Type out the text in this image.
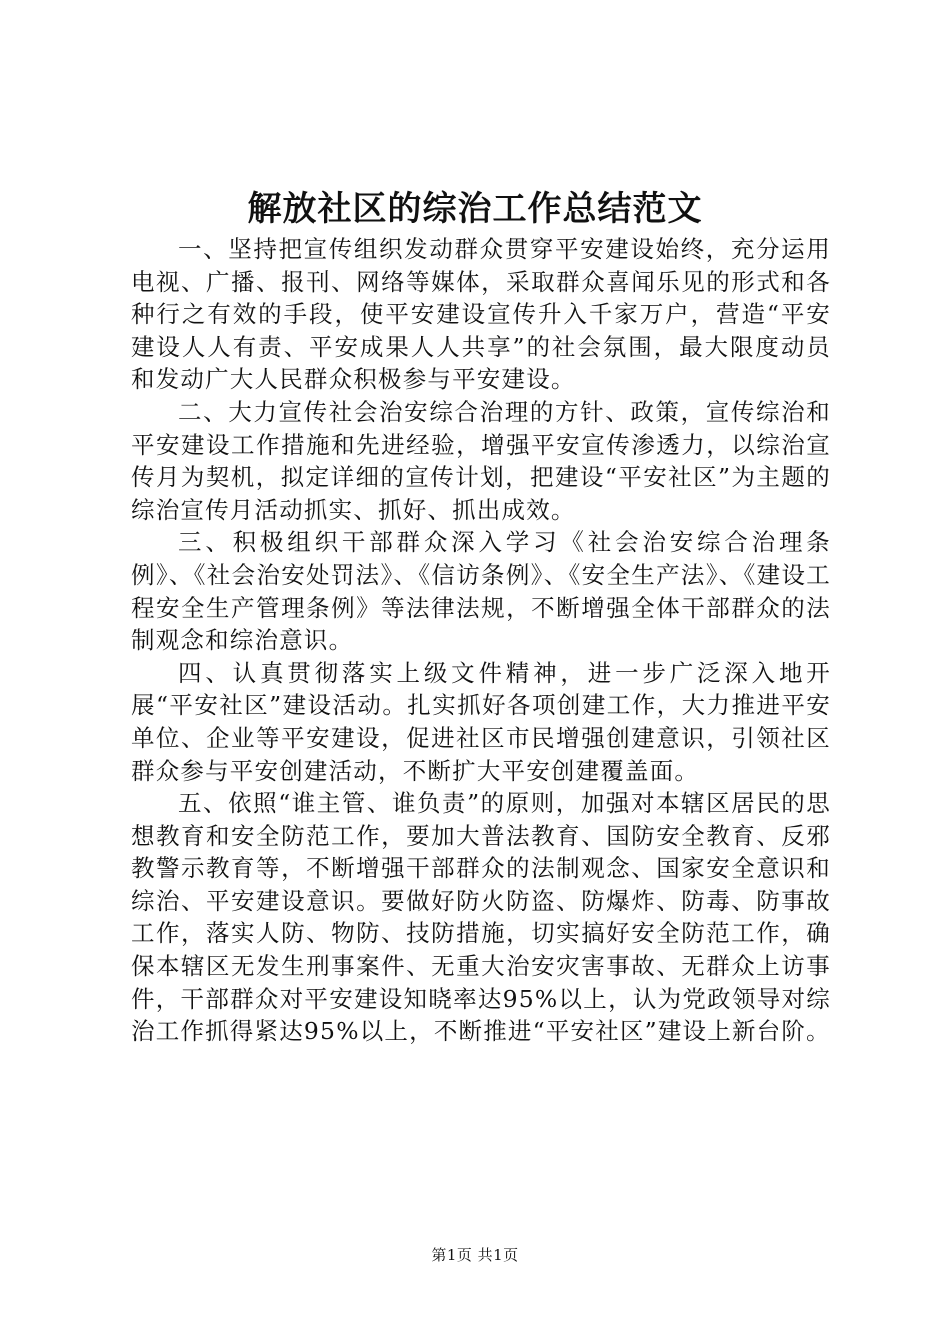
解放社区的综治工作总结范文

一、坚持把宣传组织发动群众贯穿平安建设始终，充分运用电视、广播、报刊、网络等媒体，采取群众喜闻乐见的形式和各种行之有效的手段，使平安建设宣传升入千家万户，营造“平安建设人人有责、平安成果人人共享”的社会氛围，最大限度动员和发动广大人民群众积极参与平安建设。

二、大力宣传社会治安综合治理的方针、政策，宣传综治和平安建设工作措施和先进经验，增强平安宣传渗透力，以综治宣传月为契机，拟定详细的宣传计划，把建设“平安社区”为主题的综治宣传月活动抓实、抓好、抓出成效。

三、积极组织干部群众深入学习《社会治安综合治理条例》、《社会治安处罚法》、《信访条例》、《安全生产法》、《建设工程安全生产管理条例》等法律法规，不断增强全体干部群众的法制观念和综治意识。

四、认真贯彻落实上级文件精神，进一步广泛深入地开展“平安社区”建设活动。扎实抓好各项创建工作，大力推进平安单位、企业等平安建设，促进社区市民增强创建意识，引领社区群众参与平安创建活动，不断扩大平安创建覆盖面。

五、依照“谁主管、谁负责”的原则，加强对本辖区居民的思想教育和安全防范工作，要加大普法教育、国防安全教育、反邪教警示教育等，不断增强干部群众的法制观念、国家安全意识和综治、平安建设意识。要做好防火防盗、防爆炸、防毒、防事故工作，落实人防、物防、技防措施，切实搞好安全防范工作，确保本辖区无发生刑事案件、无重大治安灾害事故、无群众上访事件，干部群众对平安建设知晓率达95%以上，认为党政领导对综治工作抓得紧达95%以上，不断推进“平安社区”建设上新台阶。

第1页 共1页
